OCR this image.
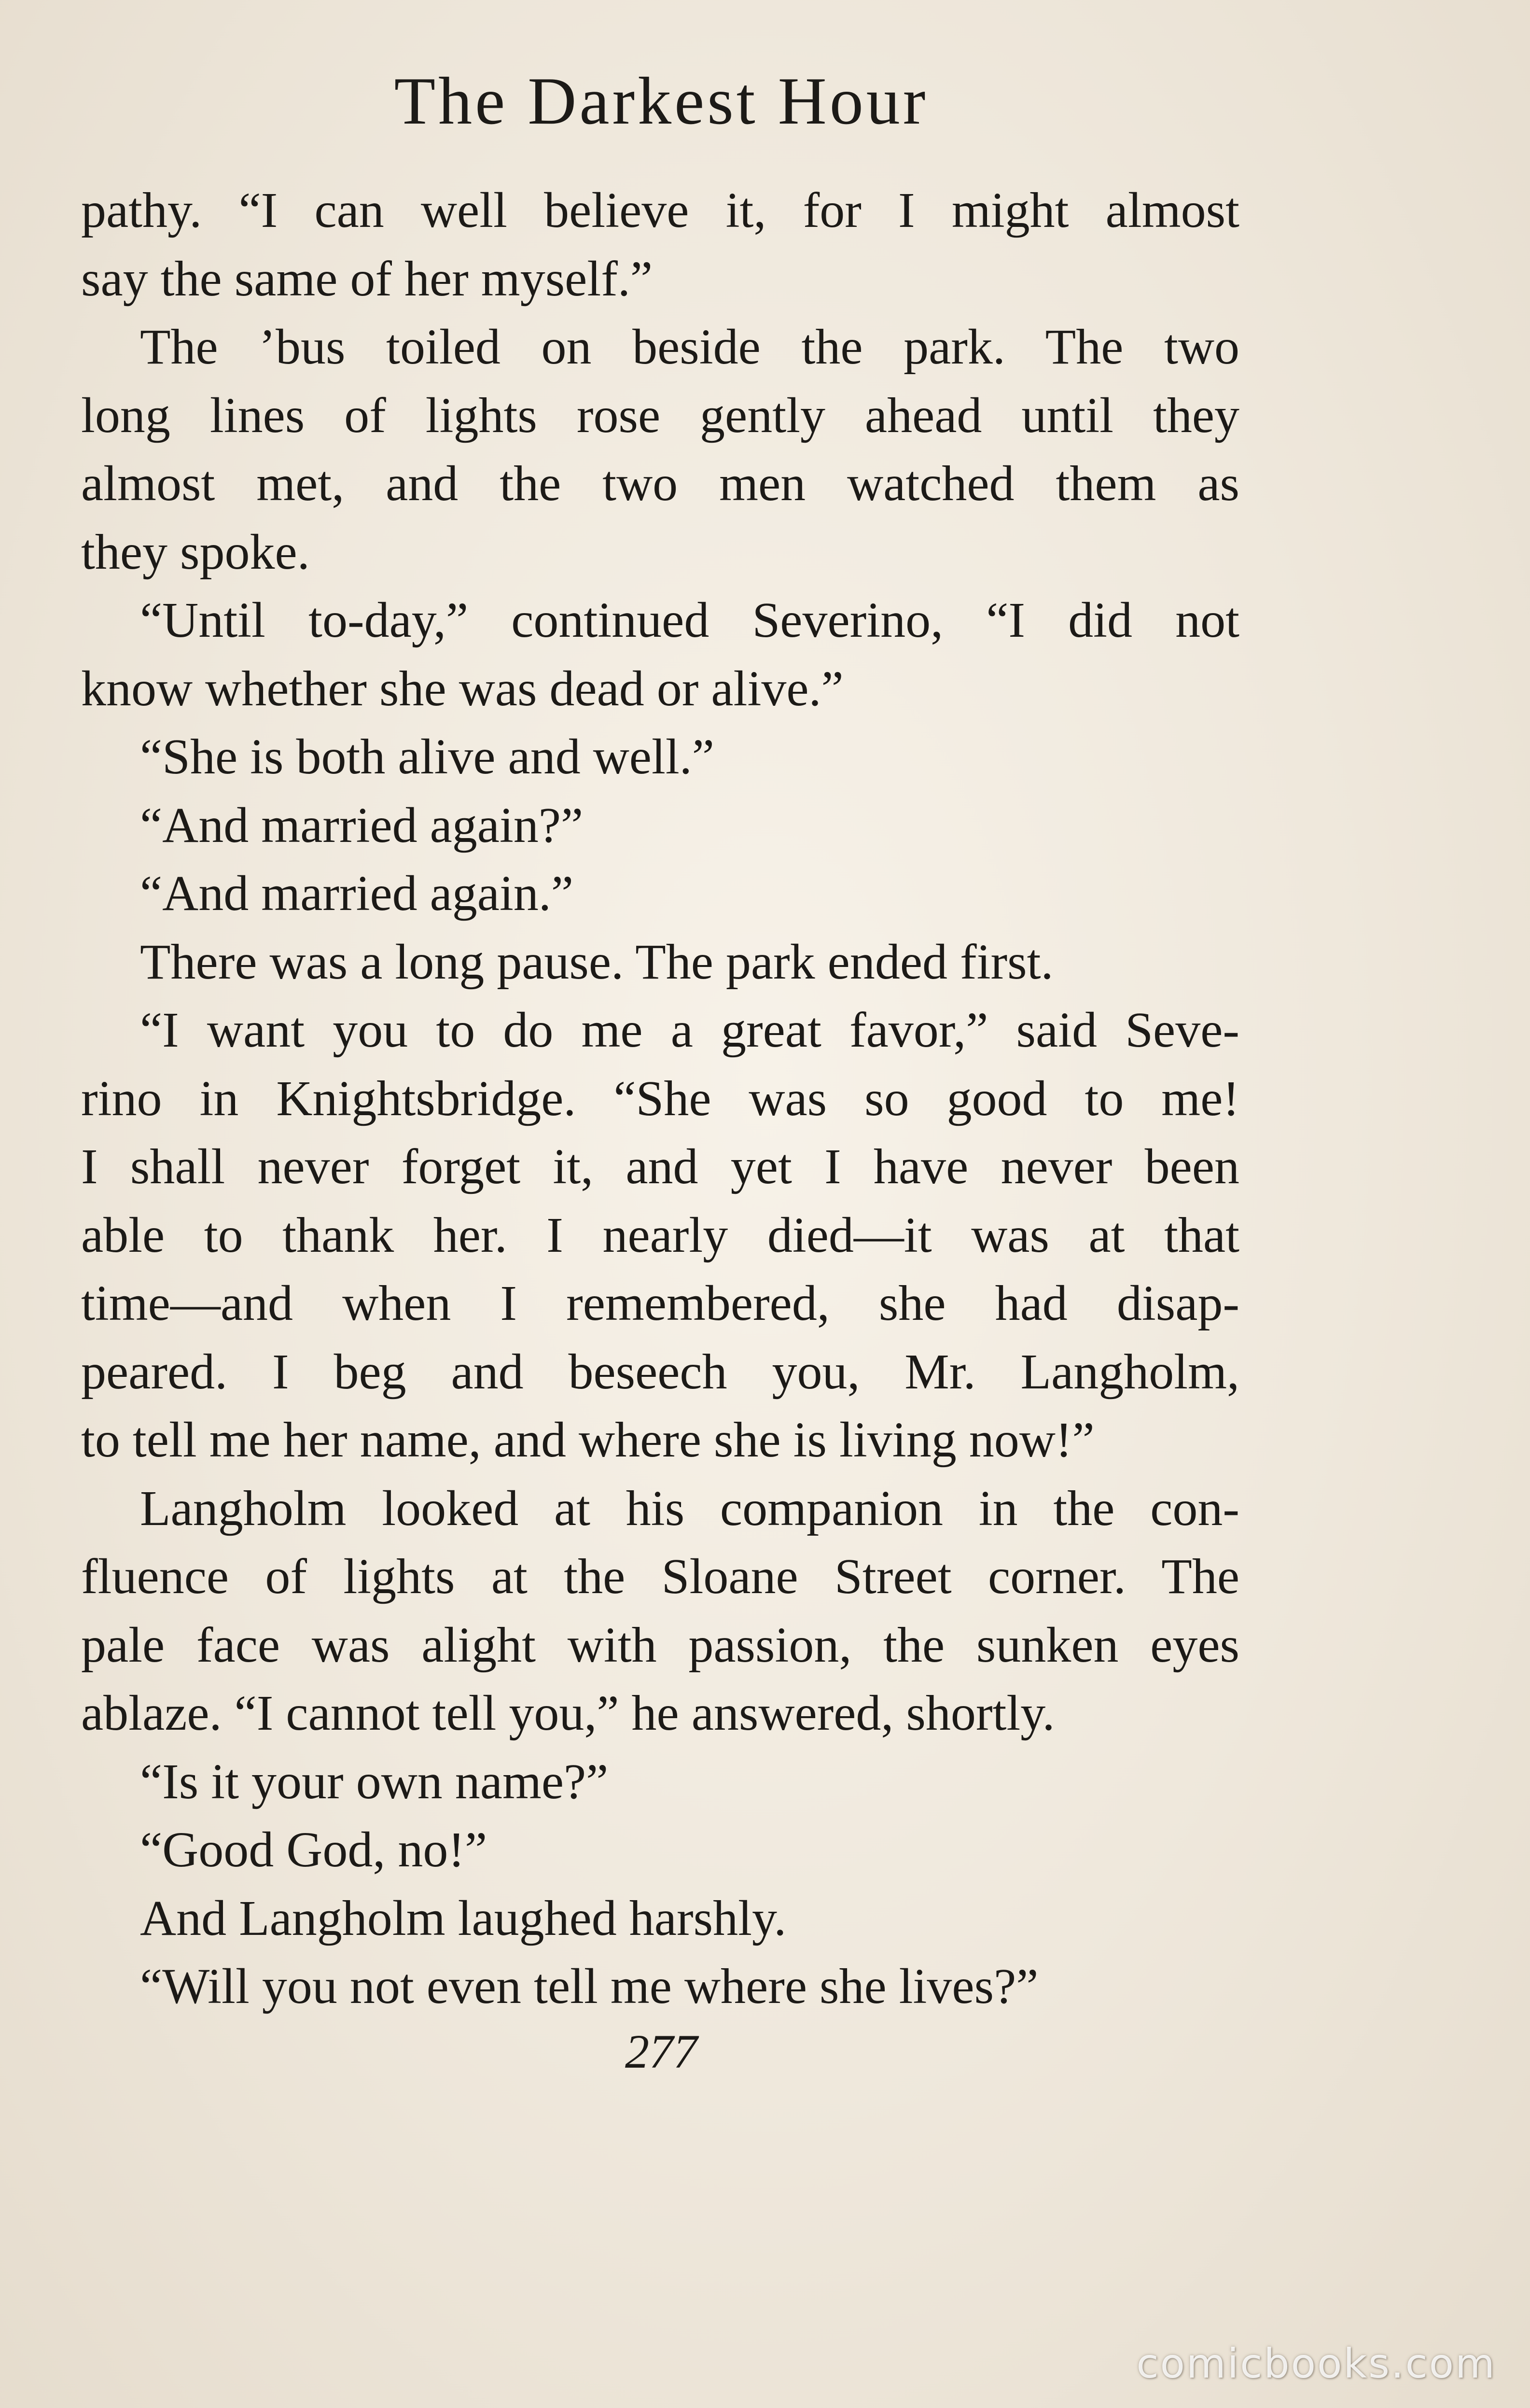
The Darkest Hour
pathy. “I can well believe it, for I might almost
say the same of her myself.”
The ’bus toiled on beside the park. The two
long lines of lights rose gently ahead until they
almost met, and the two men watched them as
they spoke.
“Until to-day,” continued Severino, “I did not
know whether she was dead or alive.”
“She is both alive and well.”
“And married again?”
“And married again.”
There was a long pause. The park ended first.
“I want you to do me a great favor,” said Seve-
rino in Knightsbridge. “She was so good to me!
I shall never forget it, and yet I have never been
able to thank her. I nearly died—it was at that
time—and when I remembered, she had disap-
peared. I beg and beseech you, Mr. Langholm,
to tell me her name, and where she is living now!”
Langholm looked at his companion in the con-
fluence of lights at the Sloane Street corner. The
pale face was alight with passion, the sunken eyes
ablaze. “I cannot tell you,” he answered, shortly.
“Is it your own name?”
“Good God, no!”
And Langholm laughed harshly.
“Will you not even tell me where she lives?”
277
comicbooks.com
